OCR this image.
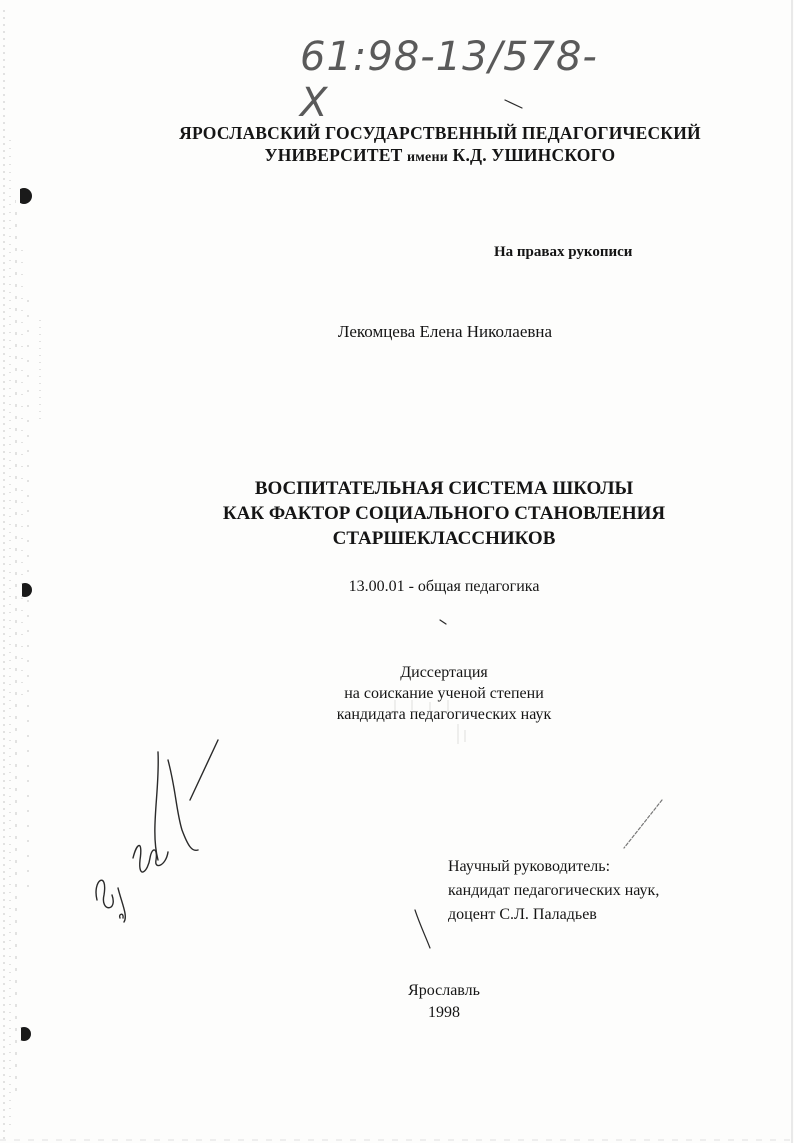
61:98-13/578-X
ЯРОСЛАВСКИЙ ГОСУДАРСТВЕННЫЙ ПЕДАГОГИЧЕСКИЙ
УНИВЕРСИТЕТ имени К.Д. УШИНСКОГО
На правах рукописи
Лекомцева Елена Николаевна
ВОСПИТАТЕЛЬНАЯ СИСТЕМА ШКОЛЫ
КАК ФАКТОР СОЦИАЛЬНОГО СТАНОВЛЕНИЯ
СТАРШЕКЛАССНИКОВ
13.00.01 - общая педагогика
Диссертация
на соискание ученой степени
кандидата педагогических наук
Научный руководитель:
кандидат педагогических наук,
доцент С.Л. Паладьев
Ярославль
1998
